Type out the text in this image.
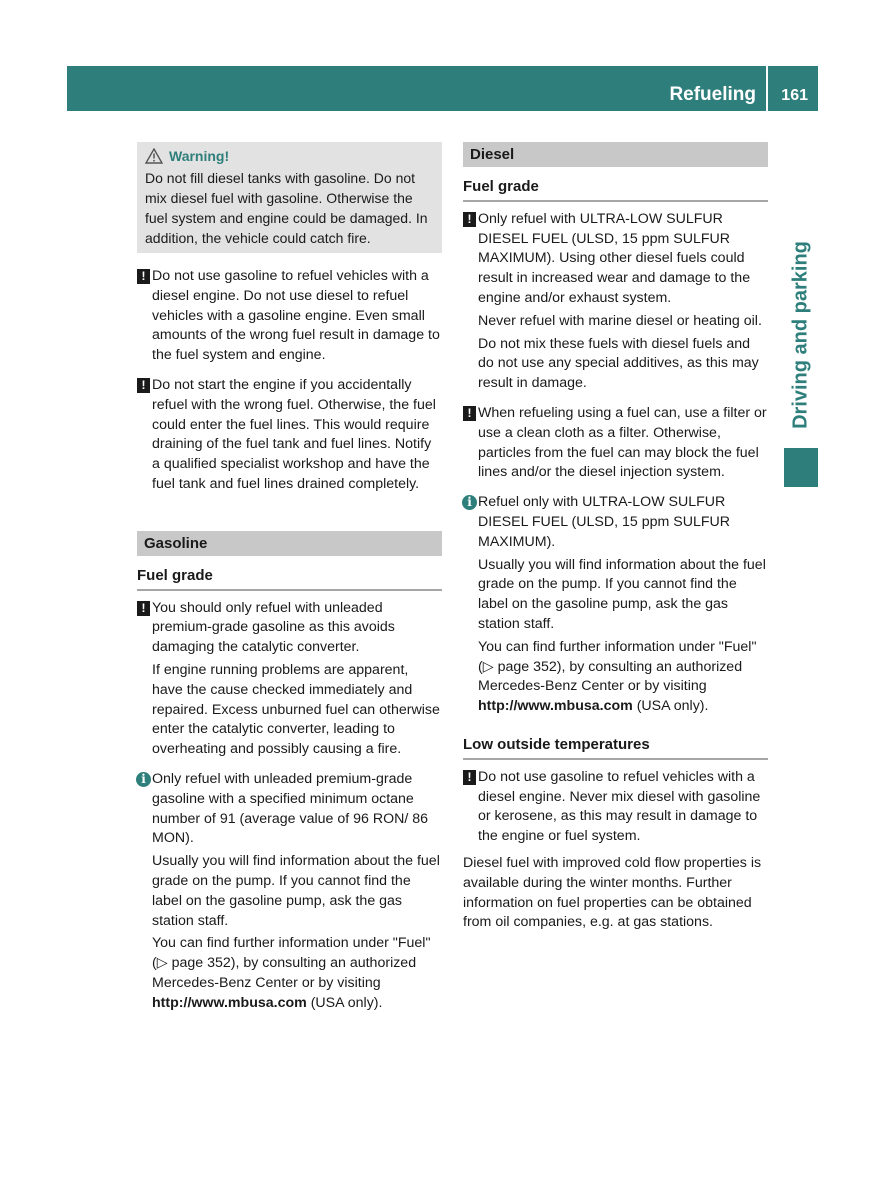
Refueling 161
Driving and parking
Warning!
Do not fill diesel tanks with gasoline. Do not mix diesel fuel with gasoline. Otherwise the fuel system and engine could be damaged. In addition, the vehicle could catch fire.
! Do not use gasoline to refuel vehicles with a diesel engine. Do not use diesel to refuel vehicles with a gasoline engine. Even small amounts of the wrong fuel result in damage to the fuel system and engine.
! Do not start the engine if you accidentally refuel with the wrong fuel. Otherwise, the fuel could enter the fuel lines. This would require draining of the fuel tank and fuel lines. Notify a qualified specialist workshop and have the fuel tank and fuel lines drained completely.
Gasoline
Fuel grade
! You should only refuel with unleaded premium-grade gasoline as this avoids damaging the catalytic converter.
If engine running problems are apparent, have the cause checked immediately and repaired. Excess unburned fuel can otherwise enter the catalytic converter, leading to overheating and possibly causing a fire.
i Only refuel with unleaded premium-grade gasoline with a specified minimum octane number of 91 (average value of 96 RON/ 86 MON).
Usually you will find information about the fuel grade on the pump. If you cannot find the label on the gasoline pump, ask the gas station staff.
You can find further information under "Fuel" (▷ page 352), by consulting an authorized Mercedes-Benz Center or by visiting http://www.mbusa.com (USA only).
Diesel
Fuel grade
! Only refuel with ULTRA-LOW SULFUR DIESEL FUEL (ULSD, 15 ppm SULFUR MAXIMUM). Using other diesel fuels could result in increased wear and damage to the engine and/or exhaust system.
Never refuel with marine diesel or heating oil.
Do not mix these fuels with diesel fuels and do not use any special additives, as this may result in damage.
! When refueling using a fuel can, use a filter or use a clean cloth as a filter. Otherwise, particles from the fuel can may block the fuel lines and/or the diesel injection system.
i Refuel only with ULTRA-LOW SULFUR DIESEL FUEL (ULSD, 15 ppm SULFUR MAXIMUM).
Usually you will find information about the fuel grade on the pump. If you cannot find the label on the gasoline pump, ask the gas station staff.
You can find further information under "Fuel" (▷ page 352), by consulting an authorized Mercedes-Benz Center or by visiting http://www.mbusa.com (USA only).
Low outside temperatures
! Do not use gasoline to refuel vehicles with a diesel engine. Never mix diesel with gasoline or kerosene, as this may result in damage to the engine or fuel system.
Diesel fuel with improved cold flow properties is available during the winter months. Further information on fuel properties can be obtained from oil companies, e.g. at gas stations.
